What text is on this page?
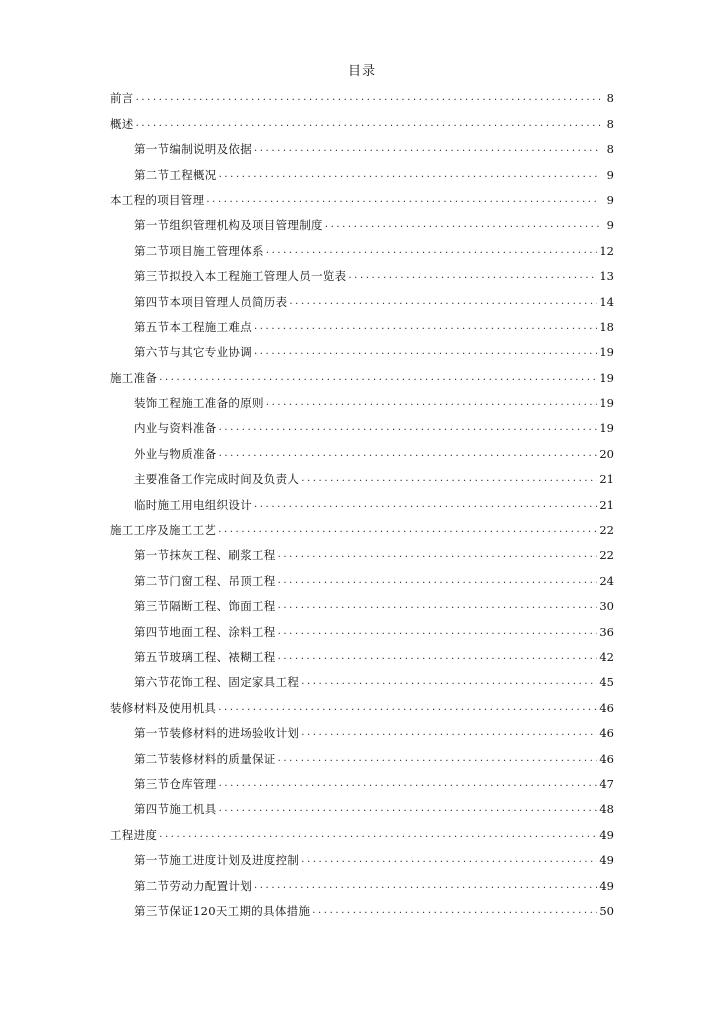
目录
前言 .....	8
概述 .....	8
第一节编制说明及依据 .....	8
第二节工程概况 .....	9
本工程的项目管理 .....	9
第一节组织管理机构及项目管理制度 .....	9
第二节项目施工管理体系 .....	12
第三节拟投入本工程施工管理人员一览表 .....	13
第四节本项目管理人员简历表 .....	14
第五节本工程施工难点 .....	18
第六节与其它专业协调 .....	19
施工准备 .....	19
装饰工程施工准备的原则 .....	19
内业与资料准备 .....	19
外业与物质准备 .....	20
主要准备工作完成时间及负责人 .....	21
临时施工用电组织设计 .....	21
施工工序及施工工艺 .....	22
第一节抹灰工程、刷浆工程 .....	22
第二节门窗工程、吊顶工程 .....	24
第三节隔断工程、饰面工程 .....	30
第四节地面工程、涂料工程 .....	36
第五节玻璃工程、裱糊工程 .....	42
第六节花饰工程、固定家具工程 .....	45
装修材料及使用机具 .....	46
第一节装修材料的进场验收计划 .....	46
第二节装修材料的质量保证 .....	46
第三节仓库管理 .....	47
第四节施工机具 .....	48
工程进度 .....	49
第一节施工进度计划及进度控制 .....	49
第二节劳动力配置计划 .....	49
第三节保证120天工期的具体措施 .....	50
